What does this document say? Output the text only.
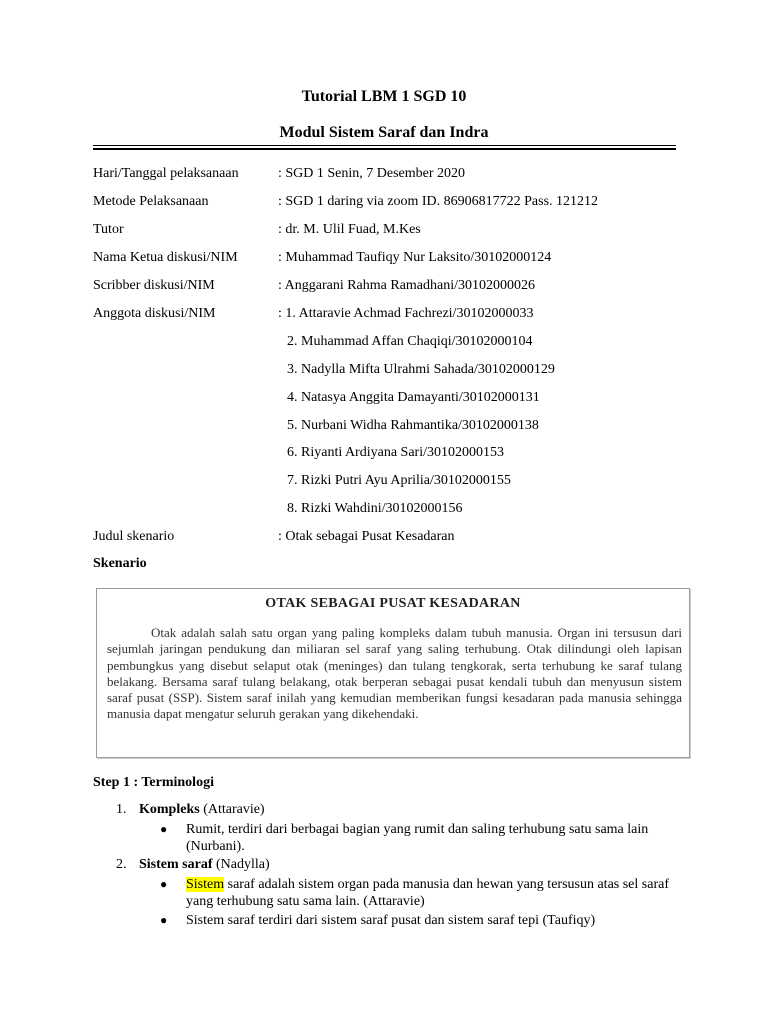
Tutorial LBM 1 SGD 10
Modul Sistem Saraf dan Indra
Hari/Tanggal pelaksanaan	: SGD 1 Senin, 7 Desember 2020
Metode Pelaksanaan	: SGD 1 daring via zoom ID. 86906817722 Pass. 121212
Tutor	: dr. M. Ulil Fuad, M.Kes
Nama Ketua diskusi/NIM	: Muhammad Taufiqy Nur Laksito/30102000124
Scribber diskusi/NIM	: Anggarani Rahma Ramadhani/30102000026
Anggota diskusi/NIM	: 1. Attaravie Achmad Fachrezi/30102000033
2. Muhammad Affan Chaqiqi/30102000104
3. Nadylla Mifta Ulrahmi Sahada/30102000129
4. Natasya Anggita Damayanti/30102000131
5. Nurbani Widha Rahmantika/30102000138
6. Riyanti Ardiyana Sari/30102000153
7. Rizki Putri Ayu Aprilia/30102000155
8. Rizki Wahdini/30102000156
Judul skenario	: Otak sebagai Pusat Kesadaran
Skenario
OTAK SEBAGAI PUSAT KESADARAN

Otak adalah salah satu organ yang paling kompleks dalam tubuh manusia. Organ ini tersusun dari sejumlah jaringan pendukung dan miliaran sel saraf yang saling terhubung. Otak dilindungi oleh lapisan pembungkus yang disebut selaput otak (meninges) dan tulang tengkorak, serta terhubung ke saraf tulang belakang. Bersama saraf tulang belakang, otak berperan sebagai pusat kendali tubuh dan menyusun sistem saraf pusat (SSP). Sistem saraf inilah yang kemudian memberikan fungsi kesadaran pada manusia sehingga manusia dapat mengatur seluruh gerakan yang dikehendaki.

Step 1 : Terminologi
1. Kompleks (Attaravie)
● Rumit, terdiri dari berbagai bagian yang rumit dan saling terhubung satu sama lain (Nurbani).
2. Sistem saraf (Nadylla)
● Sistem saraf adalah sistem organ pada manusia dan hewan yang tersusun atas sel saraf yang terhubung satu sama lain. (Attaravie)
● Sistem saraf terdiri dari sistem saraf pusat dan sistem saraf tepi (Taufiqy)
